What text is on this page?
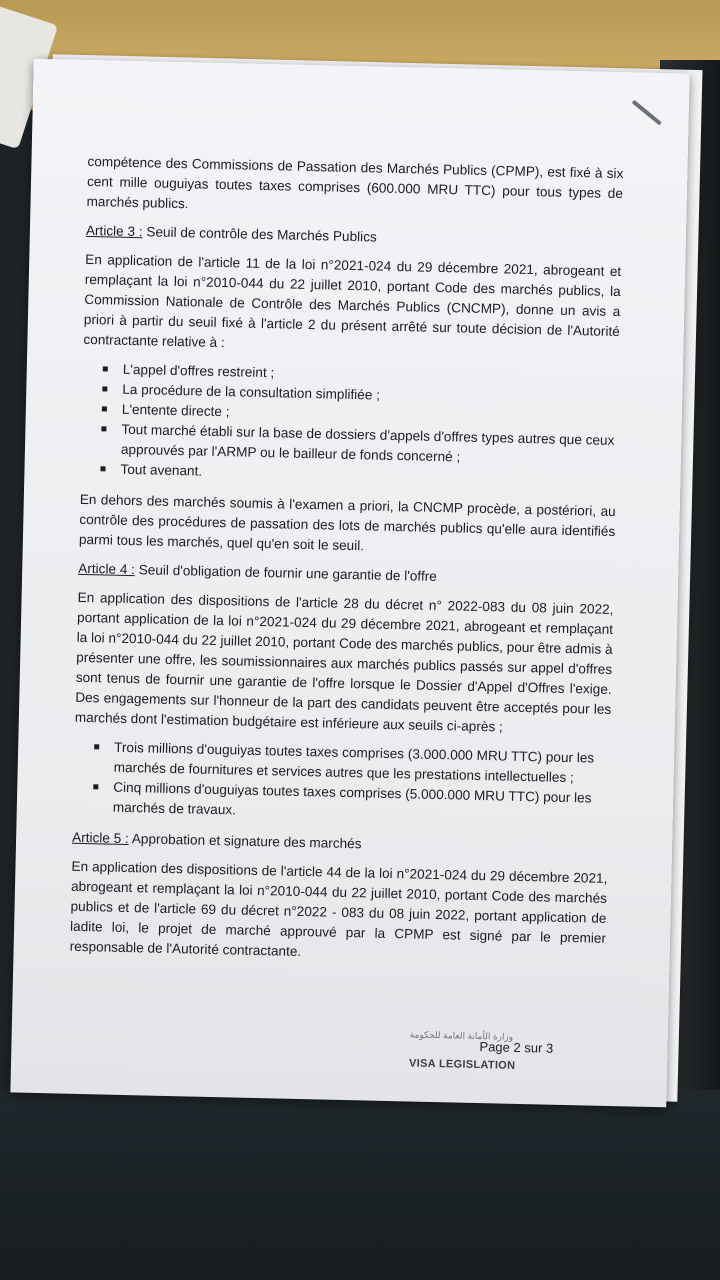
compétence des Commissions de Passation des Marchés Publics (CPMP), est fixé à six cent mille ouguiyas toutes taxes comprises (600.000 MRU TTC) pour tous types de marchés publics.

Article 3 : Seuil de contrôle des Marchés Publics

En application de l'article 11 de la loi n°2021-024 du 29 décembre 2021, abrogeant et remplaçant la loi n°2010-044 du 22 juillet 2010, portant Code des marchés publics, la Commission Nationale de Contrôle des Marchés Publics (CNCMP), donne un avis a priori à partir du seuil fixé à l'article 2 du présent arrêté sur toute décision de l'Autorité contractante relative à :

L'appel d'offres restreint ;
La procédure de la consultation simplifiée ;
L'entente directe ;
Tout marché établi sur la base de dossiers d'appels d'offres types autres que ceux approuvés par l'ARMP ou le bailleur de fonds concerné ;
Tout avenant.

En dehors des marchés soumis à l'examen a priori, la CNCMP procède, a postériori, au contrôle des procédures de passation des lots de marchés publics qu'elle aura identifiés parmi tous les marchés, quel qu'en soit le seuil.

Article 4 : Seuil d'obligation de fournir une garantie de l'offre

En application des dispositions de l'article 28 du décret n° 2022-083 du 08 juin 2022, portant application de la loi n°2021-024 du 29 décembre 2021, abrogeant et remplaçant la loi n°2010-044 du 22 juillet 2010, portant Code des marchés publics, pour être admis à présenter une offre, les soumissionnaires aux marchés publics passés sur appel d'offres sont tenus de fournir une garantie de l'offre lorsque le Dossier d'Appel d'Offres l'exige. Des engagements sur l'honneur de la part des candidats peuvent être acceptés pour les marchés dont l'estimation budgétaire est inférieure aux seuils ci-après ;

Trois millions d'ouguiyas toutes taxes comprises (3.000.000 MRU TTC) pour les marchés de fournitures et services autres que les prestations intellectuelles ;
Cinq millions d'ouguiyas toutes taxes comprises (5.000.000 MRU TTC) pour les marchés de travaux.
Article 5 : Approbation et signature des marchés

En application des dispositions de l'article 44 de la loi n°2021-024 du 29 décembre 2021, abrogeant et remplaçant la loi n°2010-044 du 22 juillet 2010, portant Code des marchés publics et de l'article 69 du décret n°2022 - 083 du 08 juin 2022, portant application de ladite loi, le projet de marché approuvé par la CPMP est signé par le premier responsable de l'Autorité contractante.

وزارة الأمانة العامة للحكومة
Page 2 sur 3
VISA LEGISLATION
